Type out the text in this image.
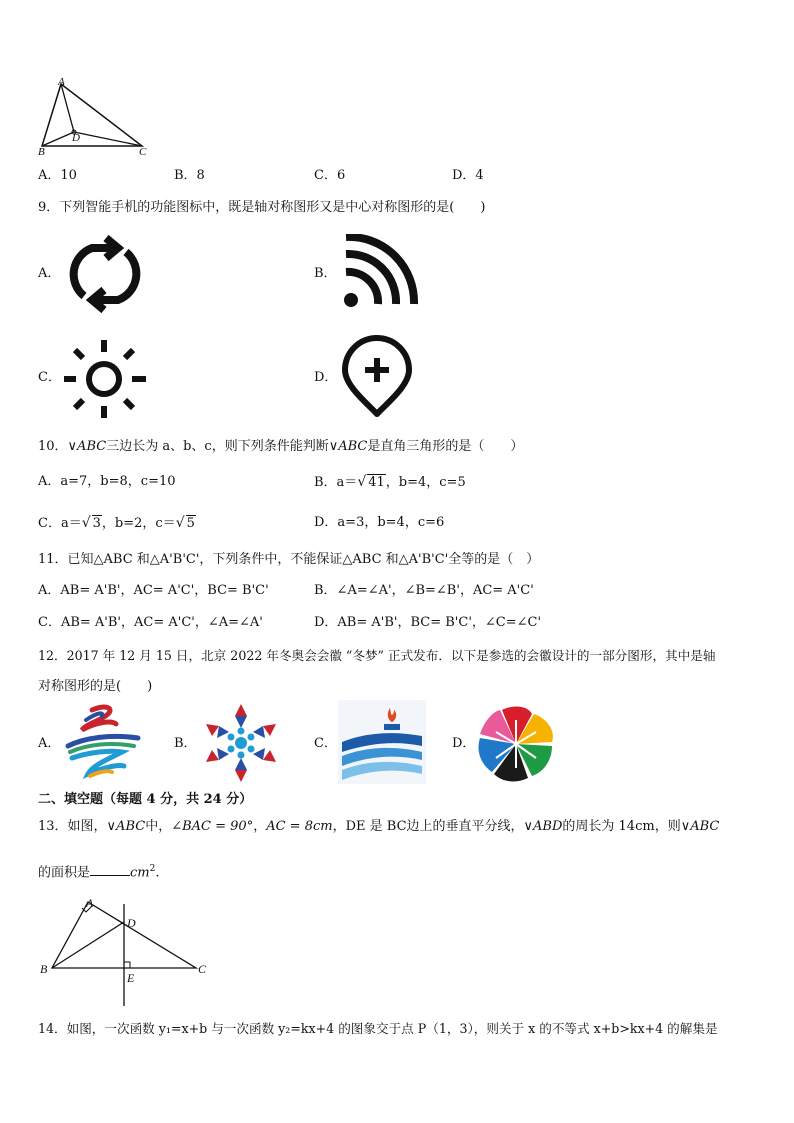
A
D
B	C
A．10	B．8	C．6	D．4
9．下列智能手机的功能图标中，既是轴对称图形又是中心对称图形的是(　　)
A．	B．
C．	D．
10．∨ABC三边长为 a、b、c，则下列条件能判断∨ABC是直角三角形的是（　　）
A．a=7，b=8，c=10	B．a＝√ 41，b=4，c=5
C．a＝√ 3，b=2，c＝√ 5	D．a=3，b=4，c=6
11．已知△ABC 和△A'B'C'，下列条件中，不能保证△ABC 和△A'B'C'全等的是（　）
A．AB= A'B'，AC= A'C'，BC= B'C'	B．∠A=∠A'，∠B=∠B'，AC= A'C'
C．AB= A'B'，AC= A'C'，∠A=∠A'	D．AB= A'B'，BC= B'C'，∠C=∠C'
12．2017 年 12 月 15 日，北京 2022 年冬奥会会徽 “冬梦” 正式发布．以下是参选的会徽设计的一部分图形，其中是轴
对称图形的是(　　)
A．	B．	C．	D．
二、填空题（每题 4 分，共 24 分）
13．如图，∨ABC中，∠BAC = 90°，AC = 8cm，DE 是 BC边上的垂直平分线，∨ABD的周长为 14cm，则∨ABC
的面积是	$cm^2$.
A
D
B
E
C
14．如图，一次函数 y₁=x+b 与一次函数 y₂=kx+4 的图象交于点 P（1，3），则关于 x 的不等式 x+b>kx+4 的解集是
